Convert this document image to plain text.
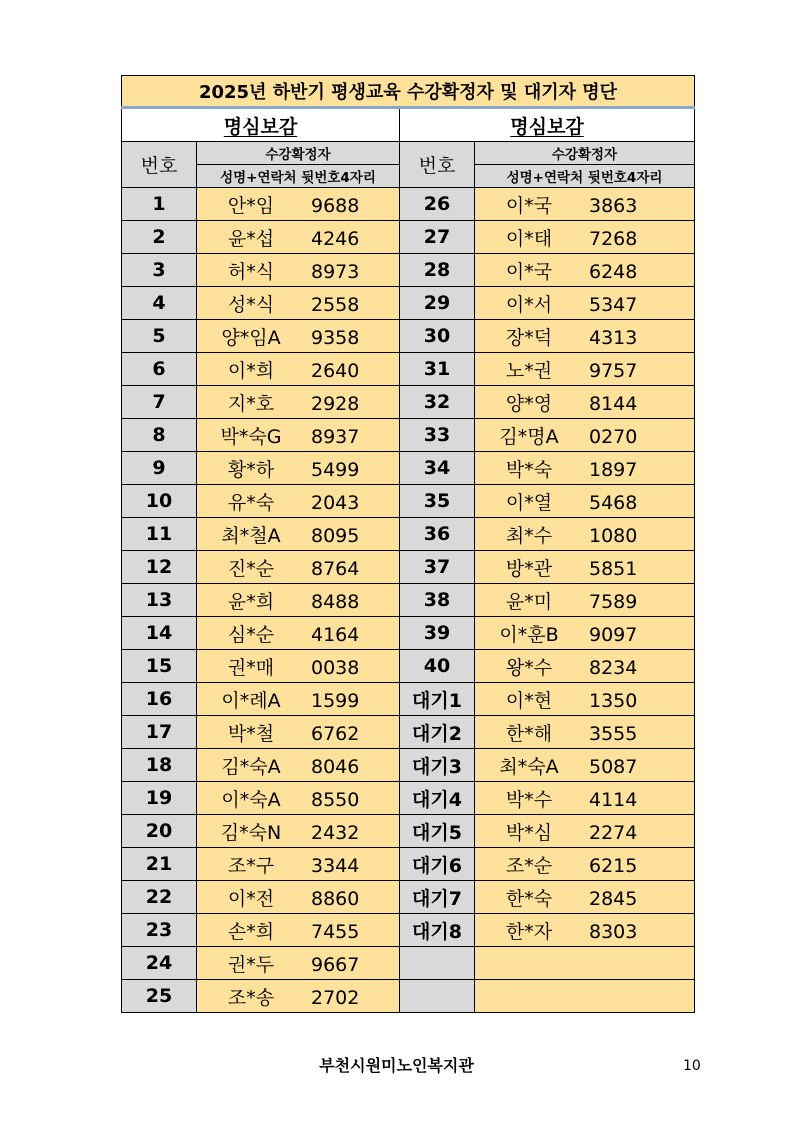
2025년 하반기 평생교육 수강확정자 및 대기자 명단			
명심보감		명심보감	
번호	수강확정자	번호	수강확정자
	성명+연락처 뒷번호4자리		성명+연락처 뒷번호4자리
1	안*임 9688	26	이*국 3863
2	윤*섭 4246	27	이*태 7268
3	허*식 8973	28	이*국 6248
4	성*식 2558	29	이*서 5347
5	양*임A 9358	30	장*덕 4313
6	이*희 2640	31	노*권 9757
7	지*호 2928	32	양*영 8144
8	박*숙G 8937	33	김*명A 0270
9	황*하 5499	34	박*숙 1897
10	유*숙 2043	35	이*열 5468
11	최*철A 8095	36	최*수 1080
12	진*순 8764	37	방*관 5851
13	윤*희 8488	38	윤*미 7589
14	심*순 4164	39	이*훈B 9097
15	권*매 0038	40	왕*수 8234
16	이*례A 1599	대기1	이*현 1350
17	박*철 6762	대기2	한*해 3555
18	김*숙A 8046	대기3	최*숙A 5087
19	이*숙A 8550	대기4	박*수 4114
20	김*숙N 2432	대기5	박*심 2274
21	조*구 3344	대기6	조*순 6215
22	이*전 8860	대기7	한*숙 2845
23	손*희 7455	대기8	한*자 8303
24	권*두 9667		
25	조*송 2702		
부천시원미노인복지관	10
